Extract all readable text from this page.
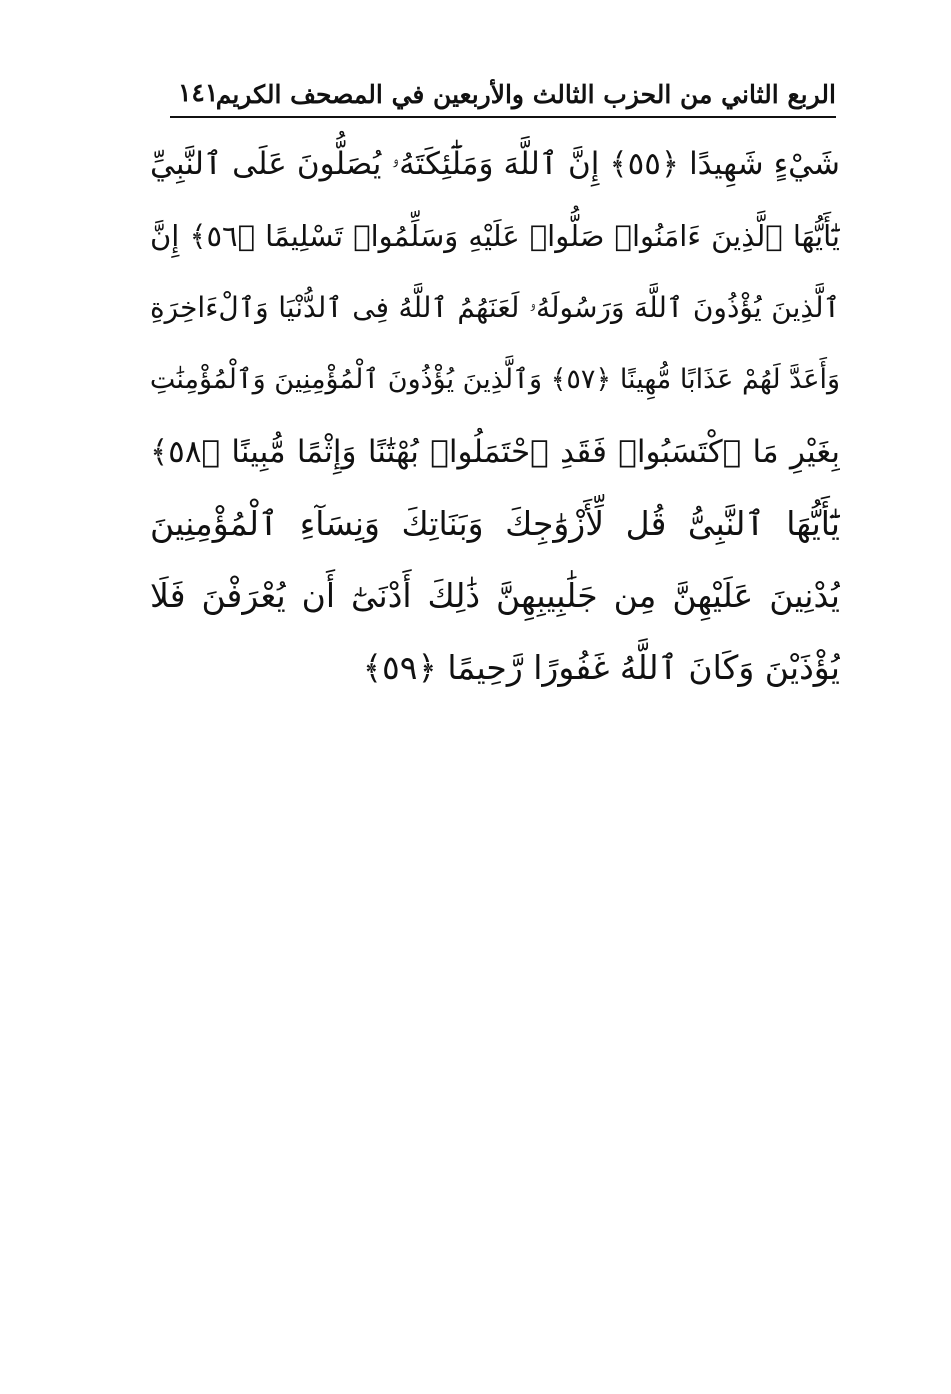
الربع الثاني من الحزب الثالث والأربعين في المصحف الكريم
١٤١
شَيْءٍ شَهِيدًا ﴿٥٥﴾ إِنَّ ٱللَّهَ وَمَلَٰٓئِكَتَهُۥ يُصَلُّونَ عَلَى ٱلنَّبِيِّ
يَٰٓأَيُّهَا ٱلَّذِينَ ءَامَنُوا۟ صَلُّوا۟ عَلَيْهِ وَسَلِّمُوا۟ تَسْلِيمًا ﴿٥٦﴾ إِنَّ
ٱلَّذِينَ يُؤْذُونَ ٱللَّهَ وَرَسُولَهُۥ لَعَنَهُمُ ٱللَّهُ فِى ٱلدُّنْيَا وَٱلْءَاخِرَةِ
وَأَعَدَّ لَهُمْ عَذَابًا مُّهِينًا ﴿٥٧﴾ وَٱلَّذِينَ يُؤْذُونَ ٱلْمُؤْمِنِينَ وَٱلْمُؤْمِنَٰتِ
بِغَيْرِ مَا ٱكْتَسَبُوا۟ فَقَدِ ٱحْتَمَلُوا۟ بُهْتَٰنًا وَإِثْمًا مُّبِينًا ﴿٥٨﴾
يَٰٓأَيُّهَا ٱلنَّبِىُّ قُل لِّأَزْوَٰجِكَ وَبَنَاتِكَ وَنِسَآءِ ٱلْمُؤْمِنِينَ
يُدْنِينَ عَلَيْهِنَّ مِن جَلَٰبِيبِهِنَّ ذَٰلِكَ أَدْنَىٰٓ أَن يُعْرَفْنَ فَلَا
يُؤْذَيْنَ وَكَانَ ٱللَّهُ غَفُورًا رَّحِيمًا ﴿٥٩﴾
